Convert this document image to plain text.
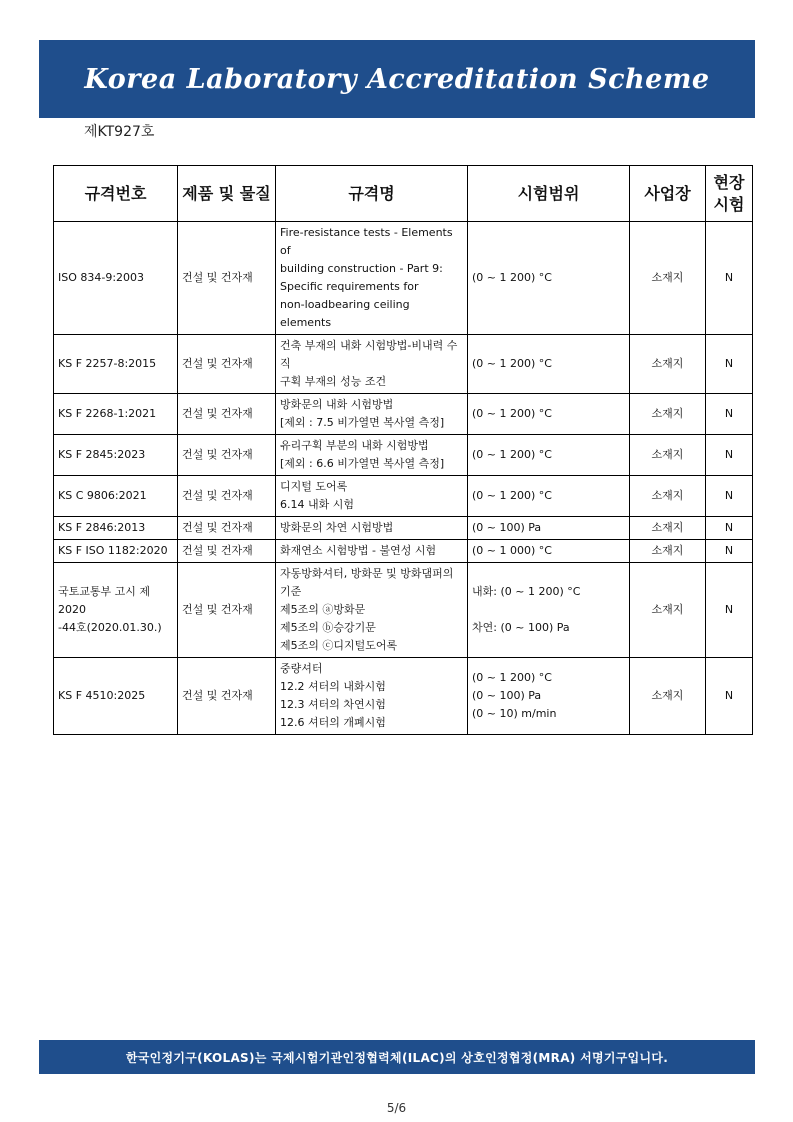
Korea Laboratory Accreditation Scheme
제KT927호
규격번호	제품 및 물질	규격명	시험범위	사업장	현장
시험
ISO 834-9:2003	건설 및 건자재	Fire-resistance tests - Elements of
building construction - Part 9:
Specific requirements for
non-loadbearing ceiling elements	(0 ~ 1 200) °C	소재지	N
KS F 2257-8:2015	건설 및 건자재	건축 부재의 내화 시험방법-비내력 수직
구획 부재의 성능 조건	(0 ~ 1 200) °C	소재지	N
KS F 2268-1:2021	건설 및 건자재	방화문의 내화 시험방법
[제외 : 7.5 비가열면 복사열 측정]	(0 ~ 1 200) °C	소재지	N
KS F 2845:2023	건설 및 건자재	유리구획 부분의 내화 시험방법
[제외 : 6.6 비가열면 복사열 측정]	(0 ~ 1 200) °C	소재지	N
KS C 9806:2021	건설 및 건자재	디지털 도어록
6.14 내화 시험	(0 ~ 1 200) °C	소재지	N
KS F 2846:2013	건설 및 건자재	방화문의 차연 시험방법	(0 ~ 100) Pa	소재지	N
KS F ISO 1182:2020	건설 및 건자재	화재연소 시험방법 - 불연성 시험	(0 ~ 1 000) °C	소재지	N
국토교통부 고시 제2020
-44호(2020.01.30.)	건설 및 건자재	자동방화셔터, 방화문 및 방화댐퍼의
기준
제5조의 ⓐ방화문
제5조의 ⓑ승강기문
제5조의 ⓒ디지털도어록	내화: (0 ~ 1 200) °C

차연: (0 ~ 100) Pa	소재지	N
KS F 4510:2025	건설 및 건자재	중량셔터
12.2 셔터의 내화시험
12.3 셔터의 차연시험
12.6 셔터의 개폐시험	(0 ~ 1 200) °C
(0 ~ 100) Pa
(0 ~ 10) m/min	소재지	N
한국인정기구(KOLAS)는 국제시험기관인정협력체(ILAC)의 상호인정협정(MRA) 서명기구입니다.
5/6
